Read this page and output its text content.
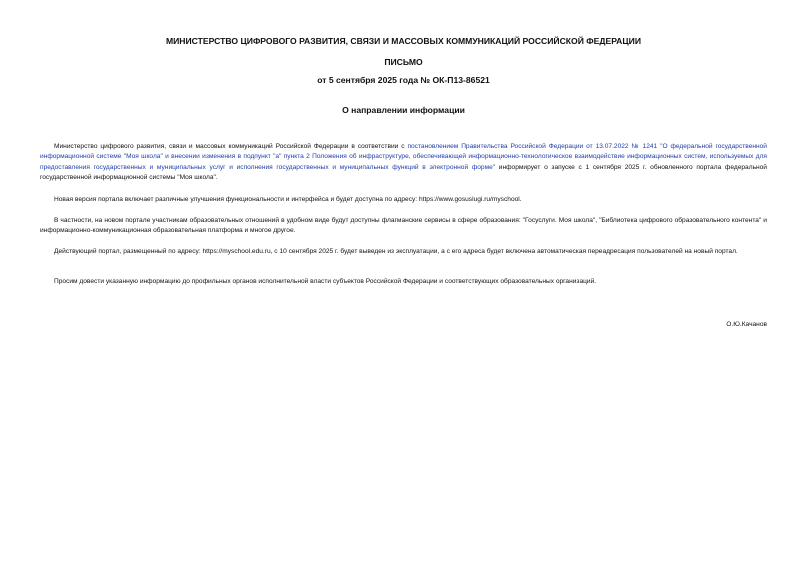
МИНИСТЕРСТВО ЦИФРОВОГО РАЗВИТИЯ, СВЯЗИ И МАССОВЫХ КОММУНИКАЦИЙ РОССИЙСКОЙ ФЕДЕРАЦИИ
ПИСЬМО
от 5 сентября 2025 года № ОК-П13-86521
О направлении информации

Министерство цифрового развития, связи и массовых коммуникаций Российской Федерации в соответствии с постановлением Правительства Российской Федерации от 13.07.2022 № 1241 "О федеральной государственной информационной системе "Моя школа" и внесении изменения в подпункт "а" пункта 2 Положения об инфраструктуре, обеспечивающей информационно-технологическое взаимодействие информационных систем, используемых для предоставления государственных и муниципальных услуг и исполнения государственных и муниципальных функций в электронной форме" информирует о запуске с 1 сентября 2025 г. обновленного портала федеральной государственной информационной системы "Моя школа".

Новая версия портала включает различные улучшения функциональности и интерфейса и будет доступна по адресу: https://www.gosuslugi.ru/myschool.

В частности, на новом портале участникам образовательных отношений в удобном виде будут доступны флагманские сервисы в сфере образования: "Госуслуги. Моя школа", "Библиотека цифрового образовательного контента" и информационно-коммуникационная образовательная платформа и многое другое.

Действующий портал, размещенный по адресу: https://myschool.edu.ru, с 10 сентября 2025 г. будет выведен из эксплуатации, а с его адреса будет включена автоматическая переадресация пользователей на новый портал.

Просим довести указанную информацию до профильных органов исполнительной власти субъектов Российской Федерации и соответствующих образовательных организаций.

О.Ю.Качанов
